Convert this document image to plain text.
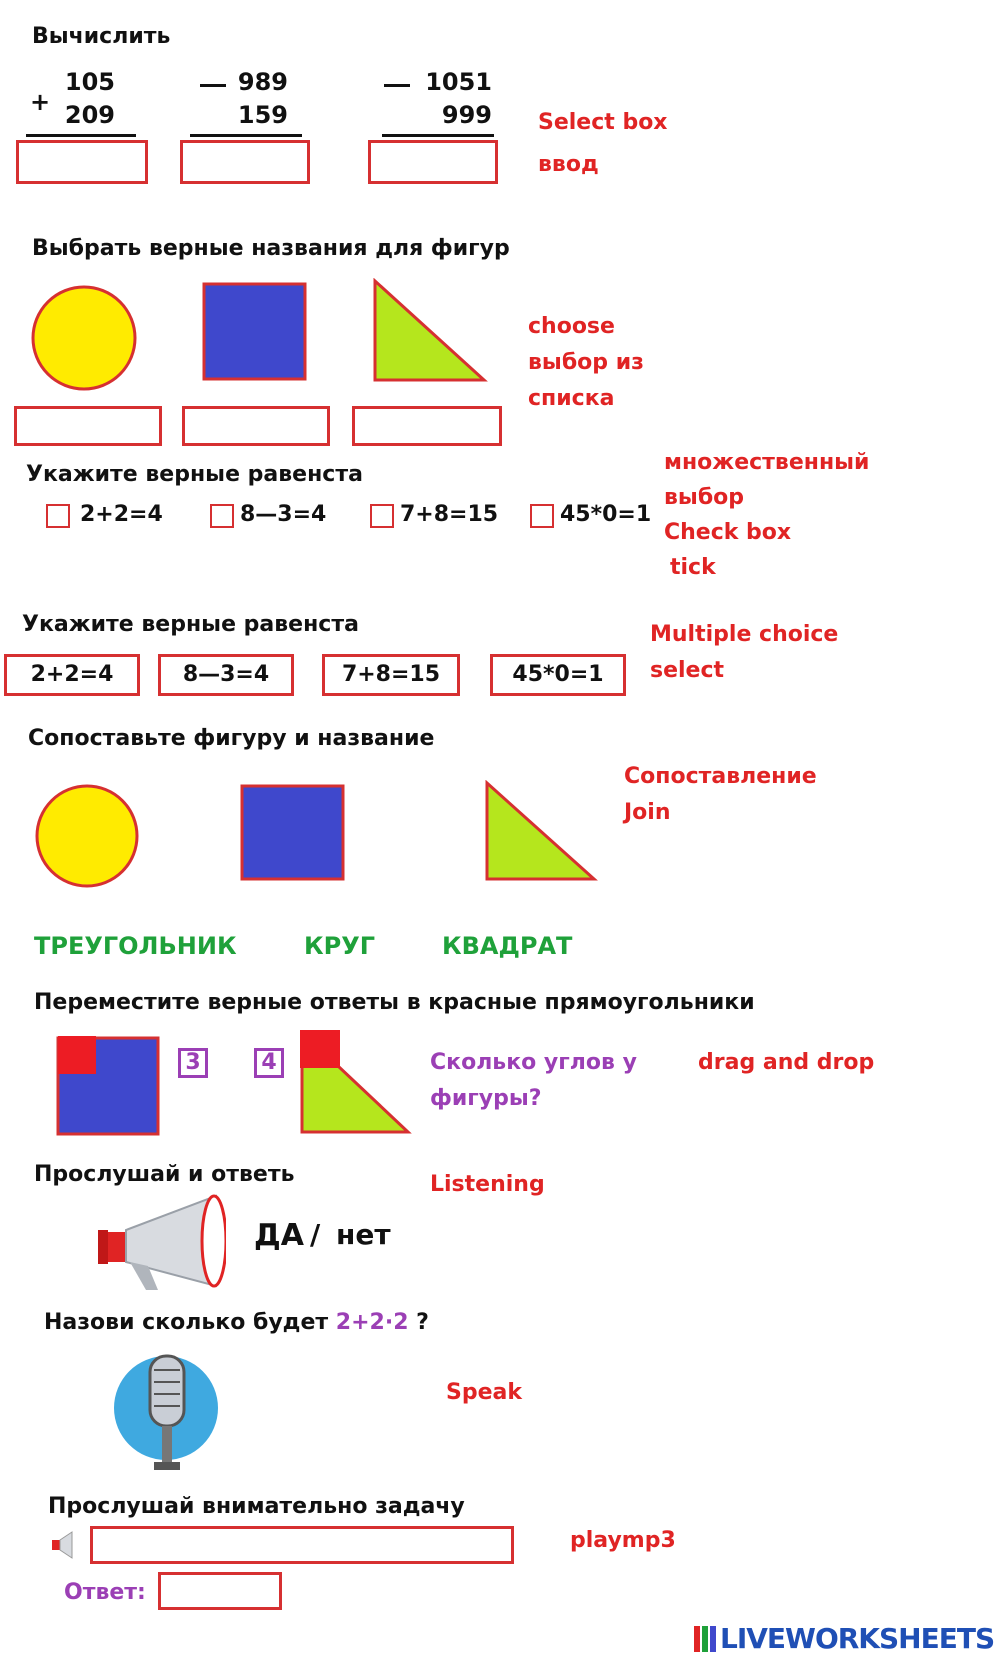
Вычислить
+
105
209
989
159
1051
999 Select box
ввод
Выбрать верные названия для фигур
choose
выбор из
списка
Укажите верные равенста
2+2=4	8—3=4	7+8=15	45*0=1
множественный
выбор
Check box
tick
Укажите верные равенста
2+2=4	8—3=4	7+8=15	45*0=1
Multiple choice
select
Сопоставьте фигуру и название
Сопоставление
Join
ТРЕУГОЛЬНИК	КРУГ	КВАДРАТ
Переместите верные ответы в красные прямоугольники
3	4	Сколько углов у
фигуры?
drag and drop
Прослушай и ответь	Listening
ДА / нет
Назови сколько будет 2+2·2 ?
Speak
Прослушай внимательно задачу
playmp3
Ответ:
LIVEWORKSHEETS
